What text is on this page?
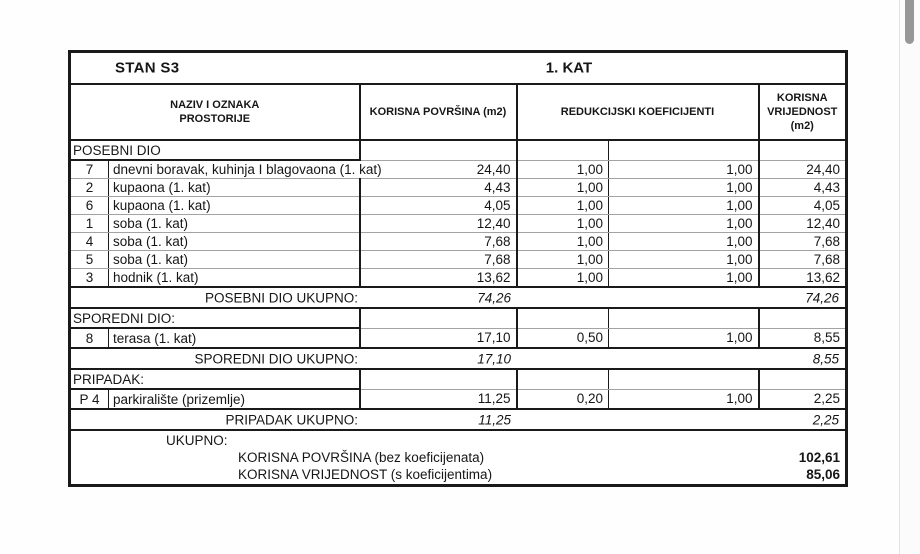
STAN S3 1. KAT					

NAZIV I OZNAKA
PROSTORIJE
	KORISNA POVRŠINA (m2)	REDUKCIJSKI KOEFICIJENTI	
KORISNA
VRIJEDNOST
(m2)

POSEBNI DIO					
7	dnevni boravak, kuhinja I blagovaona (1. kat)	24,40	1,00	1,00	24,40
2	kupaona (1. kat)	4,43	1,00	1,00	4,43
6	kupaona (1. kat)	4,05	1,00	1,00	4,05
1	soba (1. kat)	12,40	1,00	1,00	12,40
4	soba (1. kat)	7,68	1,00	1,00	7,68
5	soba (1. kat)	7,68	1,00	1,00	7,68
3	hodnik (1. kat)	13,62	1,00	1,00	13,62

POSEBNI DIO UKUPNO: 74,26 74,26					

SPOREDNI DIO:					
8	terasa (1. kat)	17,10	0,50	1,00	8,55

SPOREDNI DIO UKUPNO: 17,10 8,55					

PRIPADAK:					
P 4	parkiralište (prizemlje)	11,25	0,20	1,00	2,25

PRIPADAK UKUPNO: 11,25 2,25					

UKUPNO:
KORISNA POVRŠINA (bez koeficijenata) 102,61
KORISNA VRIJEDNOST (s koeficijentima) 85,06					
